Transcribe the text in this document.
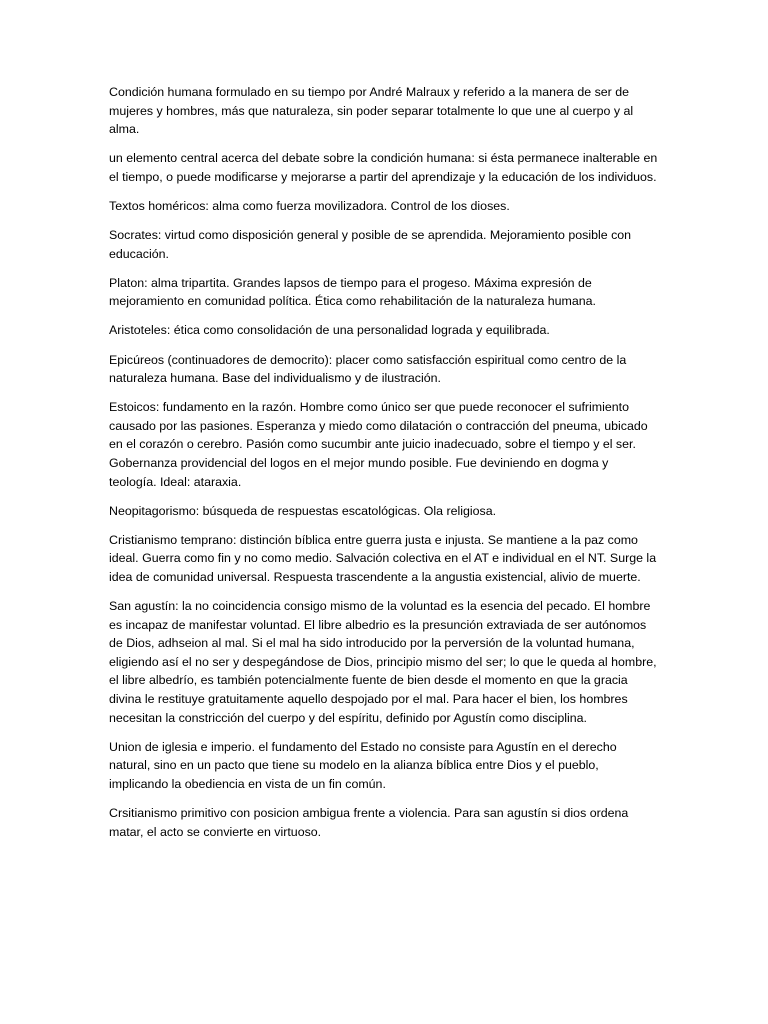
Condición humana formulado en su tiempo por André Malraux y referido a la manera de ser de mujeres y hombres, más que naturaleza, sin poder separar totalmente lo que une al cuerpo y al alma.

un elemento central acerca del debate sobre la condición humana: si ésta permanece inalterable en el tiempo, o puede modificarse y mejorarse a partir del aprendizaje y la educación de los individuos.

Textos homéricos: alma como fuerza movilizadora. Control de los dioses.

Socrates: virtud como disposición general y posible de se aprendida. Mejoramiento posible con educación.

Platon: alma tripartita. Grandes lapsos de tiempo para el progeso. Máxima expresión de mejoramiento en comunidad política. Ética como rehabilitación de la naturaleza humana.

Aristoteles: ética como consolidación de una personalidad lograda y equilibrada.

Epicúreos (continuadores de democrito): placer como satisfacción espiritual como centro de la naturaleza humana. Base del individualismo y de ilustración.

Estoicos: fundamento en la razón. Hombre como único ser que puede reconocer el sufrimiento causado por las pasiones. Esperanza y miedo como dilatación o contracción del pneuma, ubicado en el corazón o cerebro. Pasión como sucumbir ante juicio inadecuado, sobre el tiempo y el ser. Gobernanza providencial del logos en el mejor mundo posible. Fue deviniendo en dogma y teología. Ideal: ataraxia.

Neopitagorismo: búsqueda de respuestas escatológicas. Ola religiosa.

Cristianismo temprano: distinción bíblica entre guerra justa e injusta. Se mantiene a la paz como ideal. Guerra como fin y no como medio. Salvación colectiva en el AT e individual en el NT. Surge la idea de comunidad universal. Respuesta trascendente a la angustia existencial, alivio de muerte.

San agustín: la no coincidencia consigo mismo de la voluntad es la esencia del pecado. El hombre es incapaz de manifestar voluntad. El libre albedrio es la presunción extraviada de ser autónomos de Dios, adhseion al mal. Si el mal ha sido introducido por la perversión de la voluntad humana, eligiendo así el no ser y despegándose de Dios, principio mismo del ser; lo que le queda al hombre, el libre albedrío, es también potencialmente fuente de bien desde el momento en que la gracia divina le restituye gratuitamente aquello despojado por el mal. Para hacer el bien, los hombres necesitan la constricción del cuerpo y del espíritu, definido por Agustín como disciplina.

Union de iglesia e imperio. el fundamento del Estado no consiste para Agustín en el derecho natural, sino en un pacto que tiene su modelo en la alianza bíblica entre Dios y el pueblo, implicando la obediencia en vista de un fin común.

Crsitianismo primitivo con posicion ambigua frente a violencia. Para san agustín si dios ordena matar, el acto se convierte en virtuoso.
